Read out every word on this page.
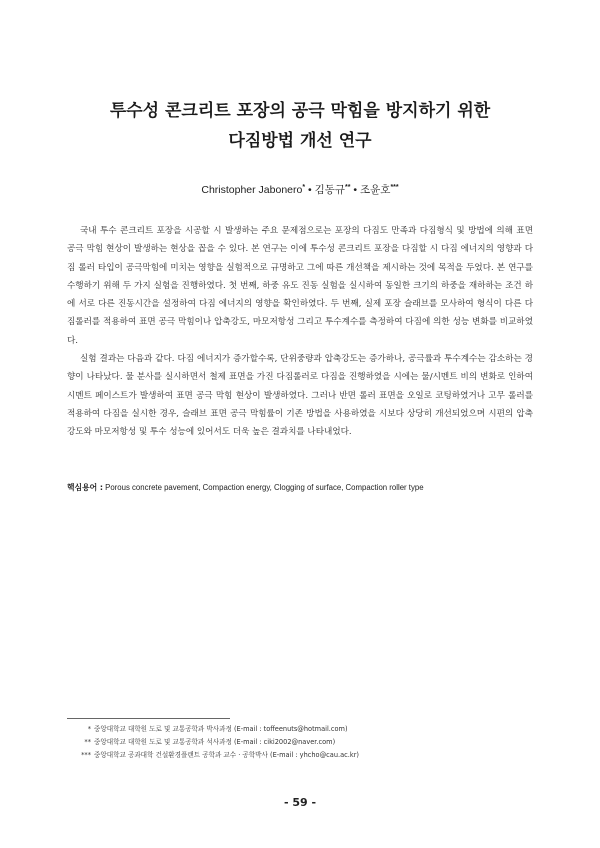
투수성 콘크리트 포장의 공극 막힘을 방지하기 위한
다짐방법 개선 연구
Christopher Jabonero* • 김동규** • 조윤호***

국내 투수 콘크리트 포장을 시공할 시 발생하는 주요 문제점으로는 포장의 다짐도 만족과 다짐형식 및 방법에 의해 표면 공극 막힘 현상이 발생하는 현상을 꼽을 수 있다. 본 연구는 이에 투수성 콘크리트 포장을 다짐할 시 다짐 에너지의 영향과 다짐 롤러 타입이 공극막힘에 미치는 영향을 실험적으로 규명하고 그에 따른 개선책을 제시하는 것에 목적을 두었다. 본 연구를 수행하기 위해 두 가지 실험을 진행하였다. 첫 번째, 하중 유도 진동 실험을 실시하여 동일한 크기의 하중을 재하하는 조건 하에 서로 다른 진동시간을 설정하여 다짐 에너지의 영향을 확인하였다. 두 번째, 실제 포장 슬래브를 모사하여 형식이 다른 다짐롤러를 적용하여 표면 공극 막힘이나 압축강도, 마모저항성 그리고 투수계수를 측정하여 다짐에 의한 성능 변화를 비교하였다.

실험 결과는 다음과 같다. 다짐 에너지가 증가할수록, 단위중량과 압축강도는 증가하나, 공극률과 투수계수는 감소하는 경향이 나타났다. 물 분사를 실시하면서 철제 표면을 가진 다짐롤러로 다짐을 진행하였을 시에는 물/시멘트 비의 변화로 인하여 시멘트 페이스트가 발생하여 표면 공극 막힘 현상이 발생하였다. 그러나 반면 롤러 표면을 오일로 코팅하였거나 고무 롤러를 적용하여 다짐을 실시한 경우, 슬래브 표면 공극 막힘률이 기존 방법을 사용하였을 시보다 상당히 개선되었으며 시편의 압축강도와 마모저항성 및 투수 성능에 있어서도 더욱 높은 결과치를 나타내었다.

핵심용어 : Porous concrete pavement, Compaction energy, Clogging of surface, Compaction roller type
* 중앙대학교 대학원 도로 및 교통공학과 박사과정 (E-mail : toffeenuts@hotmail.com)
** 중앙대학교 대학원 도로 및 교통공학과 석사과정 (E-mail : ciki2002@naver.com)
*** 중앙대학교 공과대학 건설환경플랜트 공학과 교수 · 공학박사 (E-mail : yhcho@cau.ac.kr)
- 59 -
